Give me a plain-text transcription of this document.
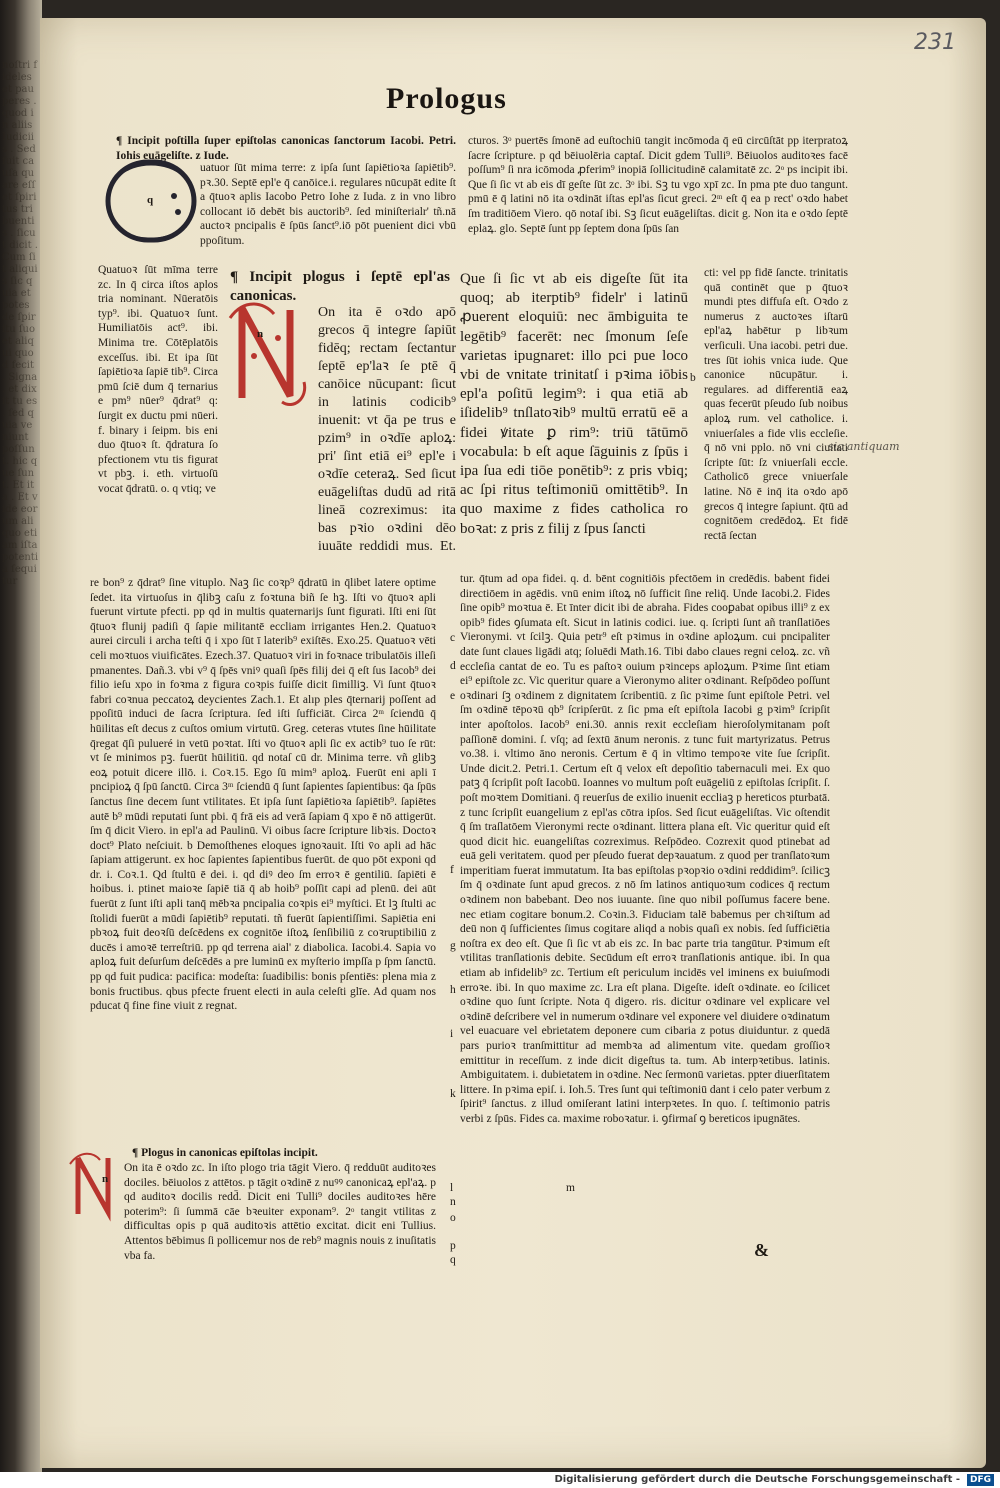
noſtri fideles et pauperes . quod in aliis Iudiciis . Sed fuit cauſa quare eſſet ſpiritus tribuentis . ſicut dicit . Cum ſit aliquis ſic quia et potes de ſpiritu ſuo et aliqui quod fecit . Signa . et dixit tu es . ſed quia veniunt poſſunt. hic que ſunt. Et ita . Et vide eorum aliquo etiam iſta potentia ſequitur
231
Prologus
¶ Incipit poſtilla ſuper epiſtolas canonicas ſanctorum Iacobi. Petri. Iohis euāgeliſte. z Iude.
q
uatuor ſūt mima terre: z ipſa ſunt ſapiētioꝛa ſapiētib⁹. pꝛ.30. Septē epl'e q̄ canōice.i. regulares nūcupāt edite ſt a q̄tuoꝛ aplis Iacobo Petro Iohe z Iuda. z in vno libro collocant iō debēt bis auctorib⁹. ſed miniſterialr' tñ.nā auctoꝛ pncipalis ē ſpūs ſanct⁹.iō pōt puenient dici vbū ppoſitum.
Quatuoꝛ ſūt mīma terre zc. In q̄ circa iſtos aplos tria nominant. Nūeratōis typ⁹. ibi. Quatuoꝛ ſunt. Humiliatōis act⁹. ibi. Minima tre. Cōtēplatōis exceſſus. ibi. Et ipa ſūt ſapiētioꝛa ſapiē tib⁹. Circa pmū ſciē dum q̄ ternarius e pm⁹ nūer⁹ q̄drat⁹ q: ſurgit ex ductu pmi nūeri. f. binary i ſeipm. bis eni duo q̄tuoꝛ ſt. q̄dratura ſo pfectionem vtu tis figurat vt pbꝫ. i. eth. virtuoſū vocat q̄dratū. o. q vtiq; ve
¶ Incipit plogus i ſeptē epl'as canonicas.
n
On ita ē oꝛdo apō grecos q̄ integre ſapiūt fidēq; rectam ſectantur ſeptē ep'laꝛ ſe ptē q̄ canōice nūcupant: ſicut in latinis codicib⁹ inuenit: vt q̄a pe trus e pzim⁹ in oꝛdīe aploꝝ: pri' ſint etiā ei⁹ epl'e i oꝛdīe ceteraꝝ. Sed ſicut euāgeliſtas dudū ad ritā lineā cozreximus: ita bas pꝛio oꝛdini dēo iuuāte reddidi mus. Et.
re bon⁹ z q̄drat⁹ ſine vituplo. Naꝫ ſic coꝛp⁹ q̄dratū in q̄libet latere optime ſedet. ita virtuoſus in q̄libꝫ caſu z foꝛtuna biñ ſe hꝫ. Iſti vo q̄tuoꝛ apli fuerunt virtute pfecti. pp qd in multis quaternarijs ſunt figurati. Iſti eni ſūt q̄tuoꝛ flunij padiſi q̄ ſapie militantē eccliam irrigantes Hen.2. Quatuoꝛ aurei circuli i archa teſti q̄ i xpo ſūt ī laterib⁹ exiſtēs. Exo.25. Quatuoꝛ vēti celi moꝛtuos viuificātes. Ezech.37. Quatuoꝛ viri in foꝛnace tribulatōis illeſi pmanentes. Dañ.3. vbi v⁹ q̄ ſpēs vniꝰ quaſi ſpēs filij dei q̄ eſt ſus Iacob⁹ dei filio ieſu xpo in foꝛma z figura coꝛpis fuiſſe dicit ſimilliꝫ. Vi ſunt q̄tuoꝛ fabri coꝛnua peccatoꝝ deycientes Zach.1. Et alıp ples q̄ternarij poſſent ad ppoſitū induci de ſacra ſcriptura. ſed iſti ſufficiāt. Circa 2ᵐ ſciendū q̄ hūilitas eſt decus z cuſtos omium virtutū. Greg. ceteras vtutes ſine hūilitate q̄regat q̄ſi pulueré in vetū poꝛtat. Iſti vo q̄tuoꝛ apli ſic ex actib⁹ tuo ſe rūt: vt ſe minimos pꝫ. fuerūt hūilitiū. qd notaſ cū dr. Minima terre. vñ glibꝫ eoꝝ potuit dicere illō. i. Coꝛ.15. Ego ſū mim⁹ aploꝝ. Fuerūt eni apli ī pncipioꝝ q̄ ſpū ſanctū. Circa 3ᵐ ſciendū q̄ ſunt ſapientes ſapientibus: q̄a ſpūs ſanctus ſine decem ſunt vtilitates. Et ipſa ſunt ſapiētioꝛa ſapiētib⁹. ſapiētes autē b⁹ mūdi reputati ſunt pbi. q̄ frā eis ad verā ſapiam q̄ xpo ē nō attigerūt. ſm q̄ dicit Viero. in epl'a ad Paulinū. Vi oibus ſacre ſcripture libꝛis. Doctoꝛ doct⁹ Plato neſciuit. b Demoſthenes eloques ignoꝛauit. Iſti v̄o apli ad hāc ſapiam attigerunt. ex hoc ſapientes ſapientibus fuerūt. de quo pōt exponi qd dr. i. Coꝛ.1. Qd ſtultū ē dei. i. qd diꝰ deo ſm erroꝛ ē gentiliū. ſapiēti ē hoibus. i. ptinet maioꝛe ſapiē tiā q̄ ab hoib⁹ poſſit capi ad plenū. dei aūt fuerūt z ſunt iſti apli tanq̄ mēbꝛa pncipalia coꝛpis ei⁹ myſtici. Et lꝫ ſtulti ac ſtolidi fuerūt a mūdi ſapiētib⁹ reputati. tñ fuerūt ſapientiſſimi. Sapiētia eni pbꝛoꝝ fuit deoꝛſū deſcēdens ex cognitōe iſtoꝝ ſenſibiliū z coꝛruptibiliū z ducēs i amoꝛē terreſtriū. pp qd terrena aial' z diabolica. Iacobi.4. Sapia vo aploꝝ fuit deſurſum deſcēdēs a pre luminū ex myſterio impſſa p ſpm ſanctū. pp qd fuit pudica: pacifica: modeſta: ſuadibilis: bonis pſentiēs: plena mia z bonis fructibus. qbus pfecte fruent electi in aula celeſti glīe. Ad quam nos pducat q̄ fine fine viuit z regnat.
¶ Plogus in canonicas epiſtolas incipit.
n
On ita ē oꝛdo zc. In iſto plogo tria tāgit Viero. q̄ redduūt auditoꝛes dociles. bēiuolos z attētos. p tāgit oꝛdinē z nuꝰꝰ canonicaꝝ epl'aꝝ. p qd auditoꝛ docilis redd̄. Dicit eni Tulli⁹ dociles auditoꝛes hēre poterim⁹: ſi ſummā cāe bꝛeuiter exponam⁹. 2ᵒ tangit vtilitas z difficultas opis p quā auditoꝛis attētio excitat. dicit eni Tullius. Attentos bēbimus ſi pollicemur nos de reb⁹ magnis nouis z inuſitatis vba fa.
cturos. 3ᵒ puertēs ſmonē ad euſtochiū tangit incōmoda q̄ eū circūſtāt pp iterpratoꝝ ſacre ſcripture. p qd bēiuolēria captaſ. Dicit gdem Tulli⁹. Bēiuolos auditoꝛes facē poſſum⁹ ſi nra icōmoda ꝓferim⁹ inopiā ſollicitudinē calamitatē zc. 2ᵒ ps incipit ibi. Que ſi ſic vt ab eis dī geſte ſūt zc. 3ᵒ ibi. Sꝫ tu vgo xpī zc. In pma pte duo tangunt. pmū ē q̄ latini nō ita oꝛdināt iſtas epl'as ſicut greci. 2ᵐ eſt q̄ ea p rect' oꝛdo habet ſm traditiōem Viero. qō notaſ ibi. Sꝫ ſicut euāgeliſtas. dicit g. Non ita e oꝛdo ſeptē eplaꝝ. glo. Septē ſunt pp ſeptem dona ſpūs ſan
Que ſi ſic vt ab eis digeſte ſūt ita quoq; ab iterptib⁹ fidelr' i latinū ꝓuerent eloquiū: nec āmbiguita te legētib⁹ facerēt: nec ſmonum ſeſe varietas ipugnaret: illo pci pue loco vbi de vnitate trinitatſ i pꝛima iōbis epl'a poſitū legim⁹: i qua etiā ab iſidelib⁹ tnſlatoꝛib⁹ multū erratū eē a fidei ꝟitate ꝑ rim⁹: triū tātūmō vocabula: b eſt aque ſāguinis z ſpūs i ipa ſua edi tiōe ponētib⁹: z pris vbiq; ac ſpi ritus teſtimoniū omittētib⁹. In quo maxime z fides catholica ro boꝛat: z pris z filij z ſpus ſancti
cti: vel pp fidē ſancte. trinitatis quā continēt que p q̄tuoꝛ mundi ptes diffuſa eſt. Oꝛdo z numerus z auctoꝛes iſtarū epl'aꝝ habētur p libꝛum verſiculi. Una iacobi. petri due. tres ſūt iohis vnica iude. Que canonice nūcupātur. i. regulares. ad differentiā eaꝝ quas fecerūt pſeudo ſub noibus aploꝝ rum. vel catholice. i. vniuerſales a fide vlis eccleſie. q̄ nō vni pplo. nō vni ciuitati ſcripte ſūt: ſz vniuerſali eccle. Catholicō grece vniuerſale latine. Nō ē inq̄ ita oꝛdo apō grecos q̄ integre ſapiunt. q̄tū ad cognitōem credēdoꝝ. Et fidē rectā ſectan
tur. q̄tum ad opa fidei. q. d. bēnt cognitiōis pfectōem in credēdis. babent fidei directiōem in agēdis. vnū enim iſtoꝝ nō ſufficit ſine reliq̄. Unde Iacobi.2. Fides ſine opib⁹ moꝛtua ē. Et īnter dicit ibi de abraha. Fides cooꝑabat opibus illi⁹ z ex opib⁹ fides ꝯſumata eſt. Sicut in latinis codici. iue. q. ſcripti ſunt añ tranſlatiōes Vieronymi. vt ſcilꝫ. Quia petr⁹ eſt pꝛimus in oꝛdine aploꝝum. cui pncipaliter date ſunt claues ligādi atq; ſoluēdi Math.16. Tibi dabo claues regni celoꝝ. zc. vñ eccleſia cantat de eo. Tu es paſtoꝛ ouium pꝛinceps aploꝝum. Pꝛime ſint etiam ei⁹ epiſtole zc. Vic queritur quare a Vieronymo aliter oꝛdinant. Reſpōdeo poſſunt oꝛdinari ſꝫ oꝛdinem z dignitatem ſcribentiū. z ſic pꝛime ſunt epiſtole Petri. vel ſm oꝛdinē tēpoꝛū qb⁹ ſcripſerūt. z ſic pma eſt epiſtola Iacobi g pꝛim⁹ ſcripſit inter apoſtolos. Iacob⁹ eni.30. annis rexit eccleſiam hieroſolymitanam poſt paſſionē domini. ſ. vſq; ad ſextū ānum neronis. z tunc fuit martyrizatus. Petrus vo.38. i. vltimo āno neronis. Certum ē q̄ in vltimo tempoꝛe vite ſue ſcripſit. Unde dicit.2. Petri.1. Certum eſt q̄ velox eſt depoſitio tabernaculi mei. Ex quo patꝫ q̄ ſcripſit poſt Iacobū. Ioannes vo multum poſt euāgeliū z epiſtolas ſcripſit. ſ. poſt moꝛtem Domitiani. q̄ reuerſus de exilio inuenit eccliaꝫ p hereticos pturbatā. z tunc ſcripſit euangelium z epl'as cōtra ipſos. Sed ſicut euāgeliſtas. Vic oſtendit q̄ ſm traſlatōem Vieronymi recte oꝛdinant. littera plana eſt. Vic queritur quid eſt quod dicit hic. euangeliſtas cozreximus. Reſpōdeo. Cozrexit quod ptinebat ad euā geli veritatem. quod per pſeudo fuerat depꝛauatum. z quod per tranſlatoꝛum imperitiam fuerat immutatum. Ita bas epiſtolas pꝛopꝛio oꝛdini reddidim⁹. ſcilicꝫ ſm q̄ oꝛdinate ſunt apud grecos. z nō ſm latinos antiquoꝛum codices q̄ rectum oꝛdinem non babebant. Deo nos iuuante. ſine quo nibil poſſumus facere bene. nec etiam cogitare bonum.2. Coꝛin.3. Fiduciam talē babemus per chꝛiſtum ad deū non q̄ ſufficientes ſimus cogitare aliqd a nobis quaſi ex nobis. ſed ſufficiētia noſtra ex deo eſt. Que ſi ſic vt ab eis zc. In bac parte tria tangūtur. Pꝛimum eſt vtilitas tranſlationis debite. Secūdum eſt erroꝛ tranſlationis antique. ibi. In qua etiam ab infidelib⁹ zc. Tertium eſt periculum incidēs vel iminens ex buiuſmodi erroꝛe. ibi. In quo maxime zc. Lra eſt plana. Digeſte. ideſt oꝛdinate. eo ſcilicet oꝛdine quo ſunt ſcripte. Nota q̄ digero. ris. dicitur oꝛdinare vel explicare vel oꝛdinē deſcribere vel in numerum oꝛdinare vel exponere vel diuidere oꝛdinatum vel euacuare vel ebrietatem deponere cum cibaria z potus diuiduntur. z quedā pars purioꝛ tranſmittitur ad membꝛa ad alimentum vite. quedam groſſioꝛ emittitur in receſſum. z inde dicit digeſtus ta. tum. Ab interpꝛetibus. latinis. Ambiguitatem. i. dubietatem in oꝛdine. Nec ſermonū varietas. ppter diuerſitatem littere. In pꝛima epiſ. i. Ioh.5. Tres ſunt qui teſtimoniū dant i celo pater verbum z ſpirit⁹ ſanctus. z illud omiſerant latini interpꝛetes. In quo. ſ. teſtimonio patris verbi z ſpūs. Fides ca. maxime roboꝛatur. i. ꝯfirmaſ ꝯ bereticos ipugnātes.
b
c
d
e
f
g
h
i
k
l	m
n
o
p
q
sic antiquam
&
Digitalisierung gefördert durch die Deutsche Forschungsgemeinschaft -	DFG
